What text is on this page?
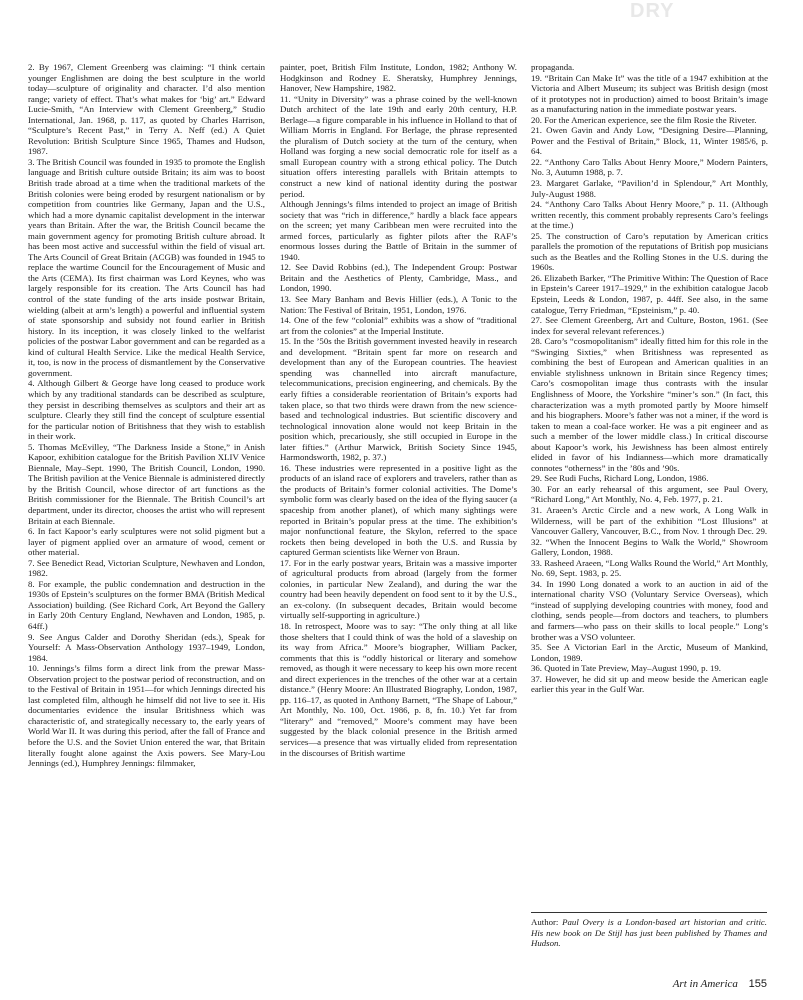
DRY

2. By 1967, Clement Greenberg was claiming: “I think certain younger Englishmen are doing the best sculpture in the world today—sculpture of originality and character. I’d also mention range; variety of effect. That’s what makes for ‘big’ art.” Edward Lucie-Smith, “An Interview with Clement Greenberg,” Studio International, Jan. 1968, p. 117, as quoted by Charles Harrison, “Sculpture’s Recent Past,” in Terry A. Neff (ed.) A Quiet Revolution: British Sculpture Since 1965, Thames and Hudson, 1987.

3. The British Council was founded in 1935 to promote the English language and British culture outside Britain; its aim was to boost British trade abroad at a time when the traditional markets of the British colonies were being eroded by resurgent nationalism or by competition from countries like Germany, Japan and the U.S., which had a more dynamic capitalist development in the interwar years than Britain. After the war, the British Council became the main government agency for promoting British culture abroad. It has been most active and successful within the field of visual art. The Arts Council of Great Britain (ACGB) was founded in 1945 to replace the wartime Council for the Encouragement of Music and the Arts (CEMA). Its first chairman was Lord Keynes, who was largely responsible for its creation. The Arts Council has had control of the state funding of the arts inside postwar Britain, wielding (albeit at arm’s length) a powerful and influential system of state sponsorship and subsidy not found earlier in British history. In its inception, it was closely linked to the welfarist policies of the postwar Labor government and can be regarded as a kind of cultural Health Service. Like the medical Health Service, it, too, is now in the process of dismantlement by the Conservative government.

4. Although Gilbert & George have long ceased to produce work which by any traditional standards can be described as sculpture, they persist in describing themselves as sculptors and their art as sculpture. Clearly they still find the concept of sculpture essential for the particular notion of Britishness that they wish to establish in their work.

5. Thomas McEvilley, “The Darkness Inside a Stone,” in Anish Kapoor, exhibition catalogue for the British Pavilion XLIV Venice Biennale, May–Sept. 1990, The British Council, London, 1990. The British pavilion at the Venice Biennale is administered directly by the British Council, whose director of art functions as the British commissioner for the Biennale. The British Council’s art department, under its director, chooses the artist who will represent Britain at each Biennale.

6. In fact Kapoor’s early sculptures were not solid pigment but a layer of pigment applied over an armature of wood, cement or other material.

7. See Benedict Read, Victorian Sculpture, Newhaven and London, 1982.

8. For example, the public condemnation and destruction in the 1930s of Epstein’s sculptures on the former BMA (British Medical Association) building. (See Richard Cork, Art Beyond the Gallery in Early 20th Century England, Newhaven and London, 1985, p. 64ff.)

9. See Angus Calder and Dorothy Sheridan (eds.), Speak for Yourself: A Mass-Observation Anthology 1937–1949, London, 1984.

10. Jennings’s films form a direct link from the prewar Mass-Observation project to the postwar period of reconstruction, and on to the Festival of Britain in 1951—for which Jennings directed his last completed film, although he himself did not live to see it. His documentaries evidence the insular Britishness which was characteristic of, and strategically necessary to, the early years of World War II. It was during this period, after the fall of France and before the U.S. and the Soviet Union entered the war, that Britain literally fought alone against the Axis powers. See Mary-Lou Jennings (ed.), Humphrey Jennings: filmmaker,

painter, poet, British Film Institute, London, 1982; Anthony W. Hodgkinson and Rodney E. Sheratsky, Humphrey Jennings, Hanover, New Hampshire, 1982.

11. “Unity in Diversity” was a phrase coined by the well-known Dutch architect of the late 19th and early 20th century, H.P. Berlage—a figure comparable in his influence in Holland to that of William Morris in England. For Berlage, the phrase represented the pluralism of Dutch society at the turn of the century, when Holland was forging a new social democratic role for itself as a small European country with a strong ethical policy. The Dutch situation offers interesting parallels with Britain attempts to construct a new kind of national identity during the postwar period.

Although Jennings’s films intended to project an image of British society that was “rich in difference,” hardly a black face appears on the screen; yet many Caribbean men were recruited into the armed forces, particularly as fighter pilots after the RAF’s enormous losses during the Battle of Britain in the summer of 1940.

12. See David Robbins (ed.), The Independent Group: Postwar Britain and the Aesthetics of Plenty, Cambridge, Mass., and London, 1990.

13. See Mary Banham and Bevis Hillier (eds.), A Tonic to the Nation: The Festival of Britain, 1951, London, 1976.

14. One of the few “colonial” exhibits was a show of “traditional art from the colonies” at the Imperial Institute.

15. In the ’50s the British government invested heavily in research and development. “Britain spent far more on research and development than any of the European countries. The heaviest spending was channelled into aircraft manufacture, telecommunications, precision engineering, and chemicals. By the early fifties a considerable reorientation of Britain’s exports had taken place, so that two thirds were drawn from the new science-based and technological industries. But scientific discovery and technological innovation alone would not keep Britain in the position which, precariously, she still occupied in Europe in the later fifties.” (Arthur Marwick, British Society Since 1945, Harmondsworth, 1982, p. 37.)

16. These industries were represented in a positive light as the products of an island race of explorers and travelers, rather than as the products of Britain’s former colonial activities. The Dome’s symbolic form was clearly based on the idea of the flying saucer (a spaceship from another planet), of which many sightings were reported in Britain’s popular press at the time. The exhibition’s major nonfunctional feature, the Skylon, referred to the space rockets then being developed in both the U.S. and Russia by captured German scientists like Werner von Braun.

17. For in the early postwar years, Britain was a massive importer of agricultural products from abroad (largely from the former colonies, in particular New Zealand), and during the war the country had been heavily dependent on food sent to it by the U.S., an ex-colony. (In subsequent decades, Britain would become virtually self-supporting in agriculture.)

18. In retrospect, Moore was to say: “The only thing at all like those shelters that I could think of was the hold of a slaveship on its way from Africa.” Moore’s biographer, William Packer, comments that this is “oddly historical or literary and somehow removed, as though it were necessary to keep his own more recent and direct experiences in the trenches of the other war at a certain distance.” (Henry Moore: An Illustrated Biography, London, 1987, pp. 116–17, as quoted in Anthony Barnett, “The Shape of Labour,” Art Monthly, No. 100, Oct. 1986, p. 8, fn. 10.) Yet far from “literary” and “removed,” Moore’s comment may have been suggested by the black colonial presence in the British armed services—a presence that was virtually elided from representation in the discourses of British wartime

propaganda.

19. “Britain Can Make It” was the title of a 1947 exhibition at the Victoria and Albert Museum; its subject was British design (most of it prototypes not in production) aimed to boost Britain’s image as a manufacturing nation in the immediate postwar years.

20. For the American experience, see the film Rosie the Riveter.

21. Owen Gavin and Andy Low, “Designing Desire—Planning, Power and the Festival of Britain,” Block, 11, Winter 1985/6, p. 64.

22. “Anthony Caro Talks About Henry Moore,” Modern Painters, No. 3, Autumn 1988, p. 7.

23. Margaret Garlake, “Pavilion’d in Splendour,” Art Monthly, July-August 1988.

24. “Anthony Caro Talks About Henry Moore,” p. 11. (Although written recently, this comment probably represents Caro’s feelings at the time.)

25. The construction of Caro’s reputation by American critics parallels the promotion of the reputations of British pop musicians such as the Beatles and the Rolling Stones in the U.S. during the 1960s.

26. Elizabeth Barker, “The Primitive Within: The Question of Race in Epstein’s Career 1917–1929,” in the exhibition catalogue Jacob Epstein, Leeds & London, 1987, p. 44ff. See also, in the same catalogue, Terry Friedman, “Epsteinism,” p. 40.

27. See Clement Greenberg, Art and Culture, Boston, 1961. (See index for several relevant references.)

28. Caro’s “cosmopolitanism” ideally fitted him for this role in the “Swinging Sixties,” when Britishness was represented as combining the best of European and American qualities in an enviable stylishness unknown in Britain since Regency times; Caro’s cosmopolitan image thus contrasts with the insular Englishness of Moore, the Yorkshire “miner’s son.” (In fact, this characterization was a myth promoted partly by Moore himself and his biographers. Moore’s father was not a miner, if the word is taken to mean a coal-face worker. He was a pit engineer and as such a member of the lower middle class.) In critical discourse about Kapoor’s work, his Jewishness has been almost entirely elided in favor of his Indianness—which more dramatically connotes “otherness” in the ’80s and ’90s.

29. See Rudi Fuchs, Richard Long, London, 1986.

30. For an early rehearsal of this argument, see Paul Overy, “Richard Long,” Art Monthly, No. 4, Feb. 1977, p. 21.

31. Araeen’s Arctic Circle and a new work, A Long Walk in Wilderness, will be part of the exhibition “Lost Illusions” at Vancouver Gallery, Vancouver, B.C., from Nov. 1 through Dec. 29.

32. “When the Innocent Begins to Walk the World,” Showroom Gallery, London, 1988.

33. Rasheed Araeen, “Long Walks Round the World,” Art Monthly, No. 69, Sept. 1983, p. 25.

34. In 1990 Long donated a work to an auction in aid of the international charity VSO (Voluntary Service Overseas), which “instead of supplying developing countries with money, food and clothing, sends people—from doctors and teachers, to plumbers and farmers—who pass on their skills to local people.” Long’s brother was a VSO volunteer.

35. See A Victorian Earl in the Arctic, Museum of Mankind, London, 1989.

36. Quoted in Tate Preview, May–August 1990, p. 19.

37. However, he did sit up and meow beside the American eagle earlier this year in the Gulf War.

Author: Paul Overy is a London-based art historian and critic. His new book on De Stijl has just been published by Thames and Hudson.
Art in America 155
